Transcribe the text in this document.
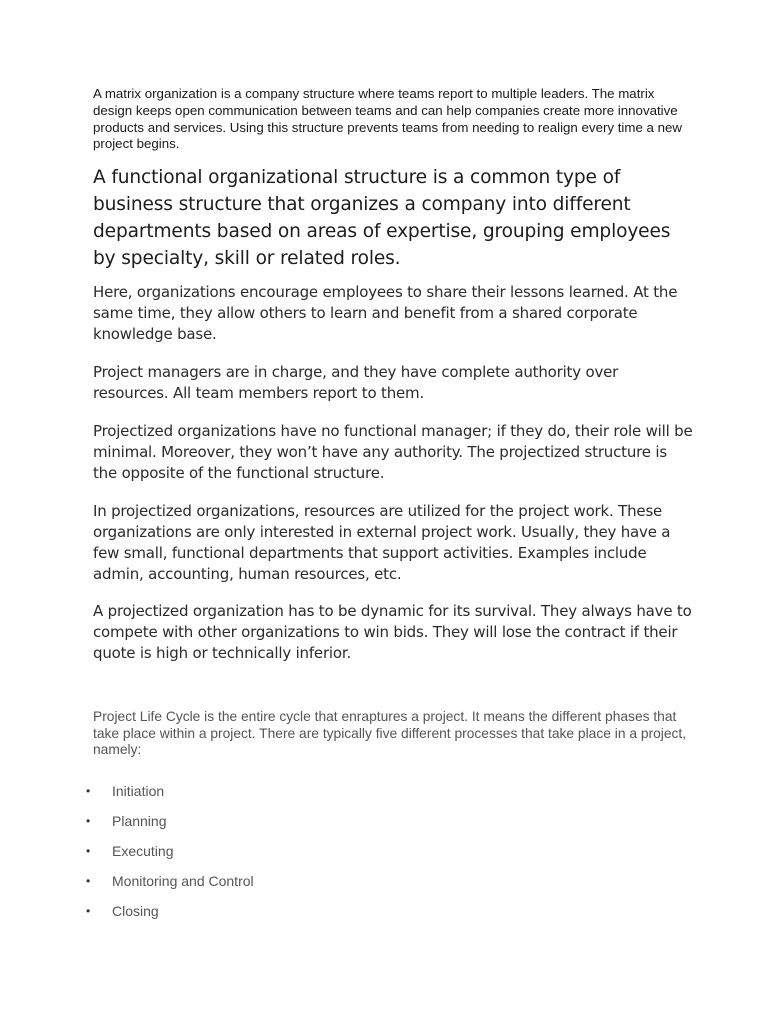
A matrix organization is a company structure where teams report to multiple leaders. The matrix design keeps open communication between teams and can help companies create more innovative products and services. Using this structure prevents teams from needing to realign every time a new project begins.

A functional organizational structure is a common type of business structure that organizes a company into different departments based on areas of expertise, grouping employees by specialty, skill or related roles.

Here, organizations encourage employees to share their lessons learned. At the same time, they allow others to learn and benefit from a shared corporate knowledge base.

Project managers are in charge, and they have complete authority over resources. All team members report to them.

Projectized organizations have no functional manager; if they do, their role will be minimal. Moreover, they won’t have any authority. The projectized structure is the opposite of the functional structure.

In projectized organizations, resources are utilized for the project work. These organizations are only interested in external project work. Usually, they have a few small, functional departments that support activities. Examples include admin, accounting, human resources, etc.

A projectized organization has to be dynamic for its survival. They always have to compete with other organizations to win bids. They will lose the contract if their quote is high or technically inferior.

Project Life Cycle is the entire cycle that enraptures a project. It means the different phases that take place within a project. There are typically five different processes that take place in a project, namely:

•	Initiation
•	Planning
•	Executing
•	Monitoring and Control
•	Closing
